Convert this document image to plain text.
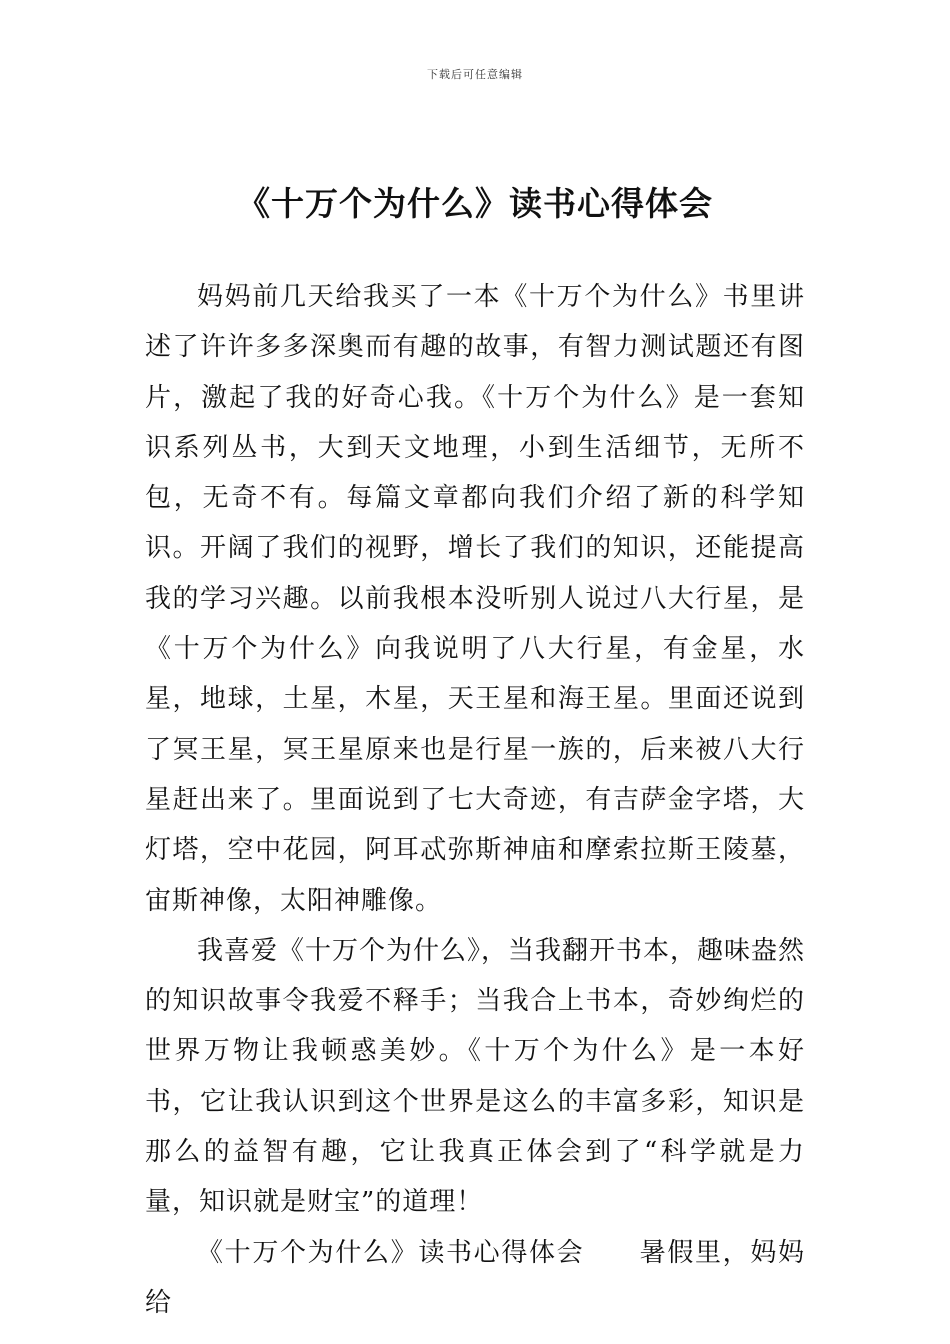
下载后可任意编辑
《十万个为什么》读书心得体会

妈妈前几天给我买了一本《十万个为什么》书里讲述了许许多多深奥而有趣的故事，有智力测试题还有图片，激起了我的好奇心我。《十万个为什么》是一套知识系列丛书，大到天文地理，小到生活细节，无所不包，无奇不有。每篇文章都向我们介绍了新的科学知识。开阔了我们的视野，增长了我们的知识，还能提高我的学习兴趣。以前我根本没听别人说过八大行星，是《十万个为什么》向我说明了八大行星，有金星，水星，地球，土星，木星，天王星和海王星。里面还说到了冥王星，冥王星原来也是行星一族的，后来被八大行星赶出来了。里面说到了七大奇迹，有吉萨金字塔，大灯塔，空中花园，阿耳忒弥斯神庙和摩索拉斯王陵墓，宙斯神像，太阳神雕像。

我喜爱《十万个为什么》，当我翻开书本，趣味盎然的知识故事令我爱不释手；当我合上书本，奇妙绚烂的世界万物让我顿惑美妙。《十万个为什么》是一本好书，它让我认识到这个世界是这么的丰富多彩，知识是那么的益智有趣，它让我真正体会到了“科学就是力量，知识就是财宝”的道理！

《十万个为什么》读书心得体会　　暑假里，妈妈给
